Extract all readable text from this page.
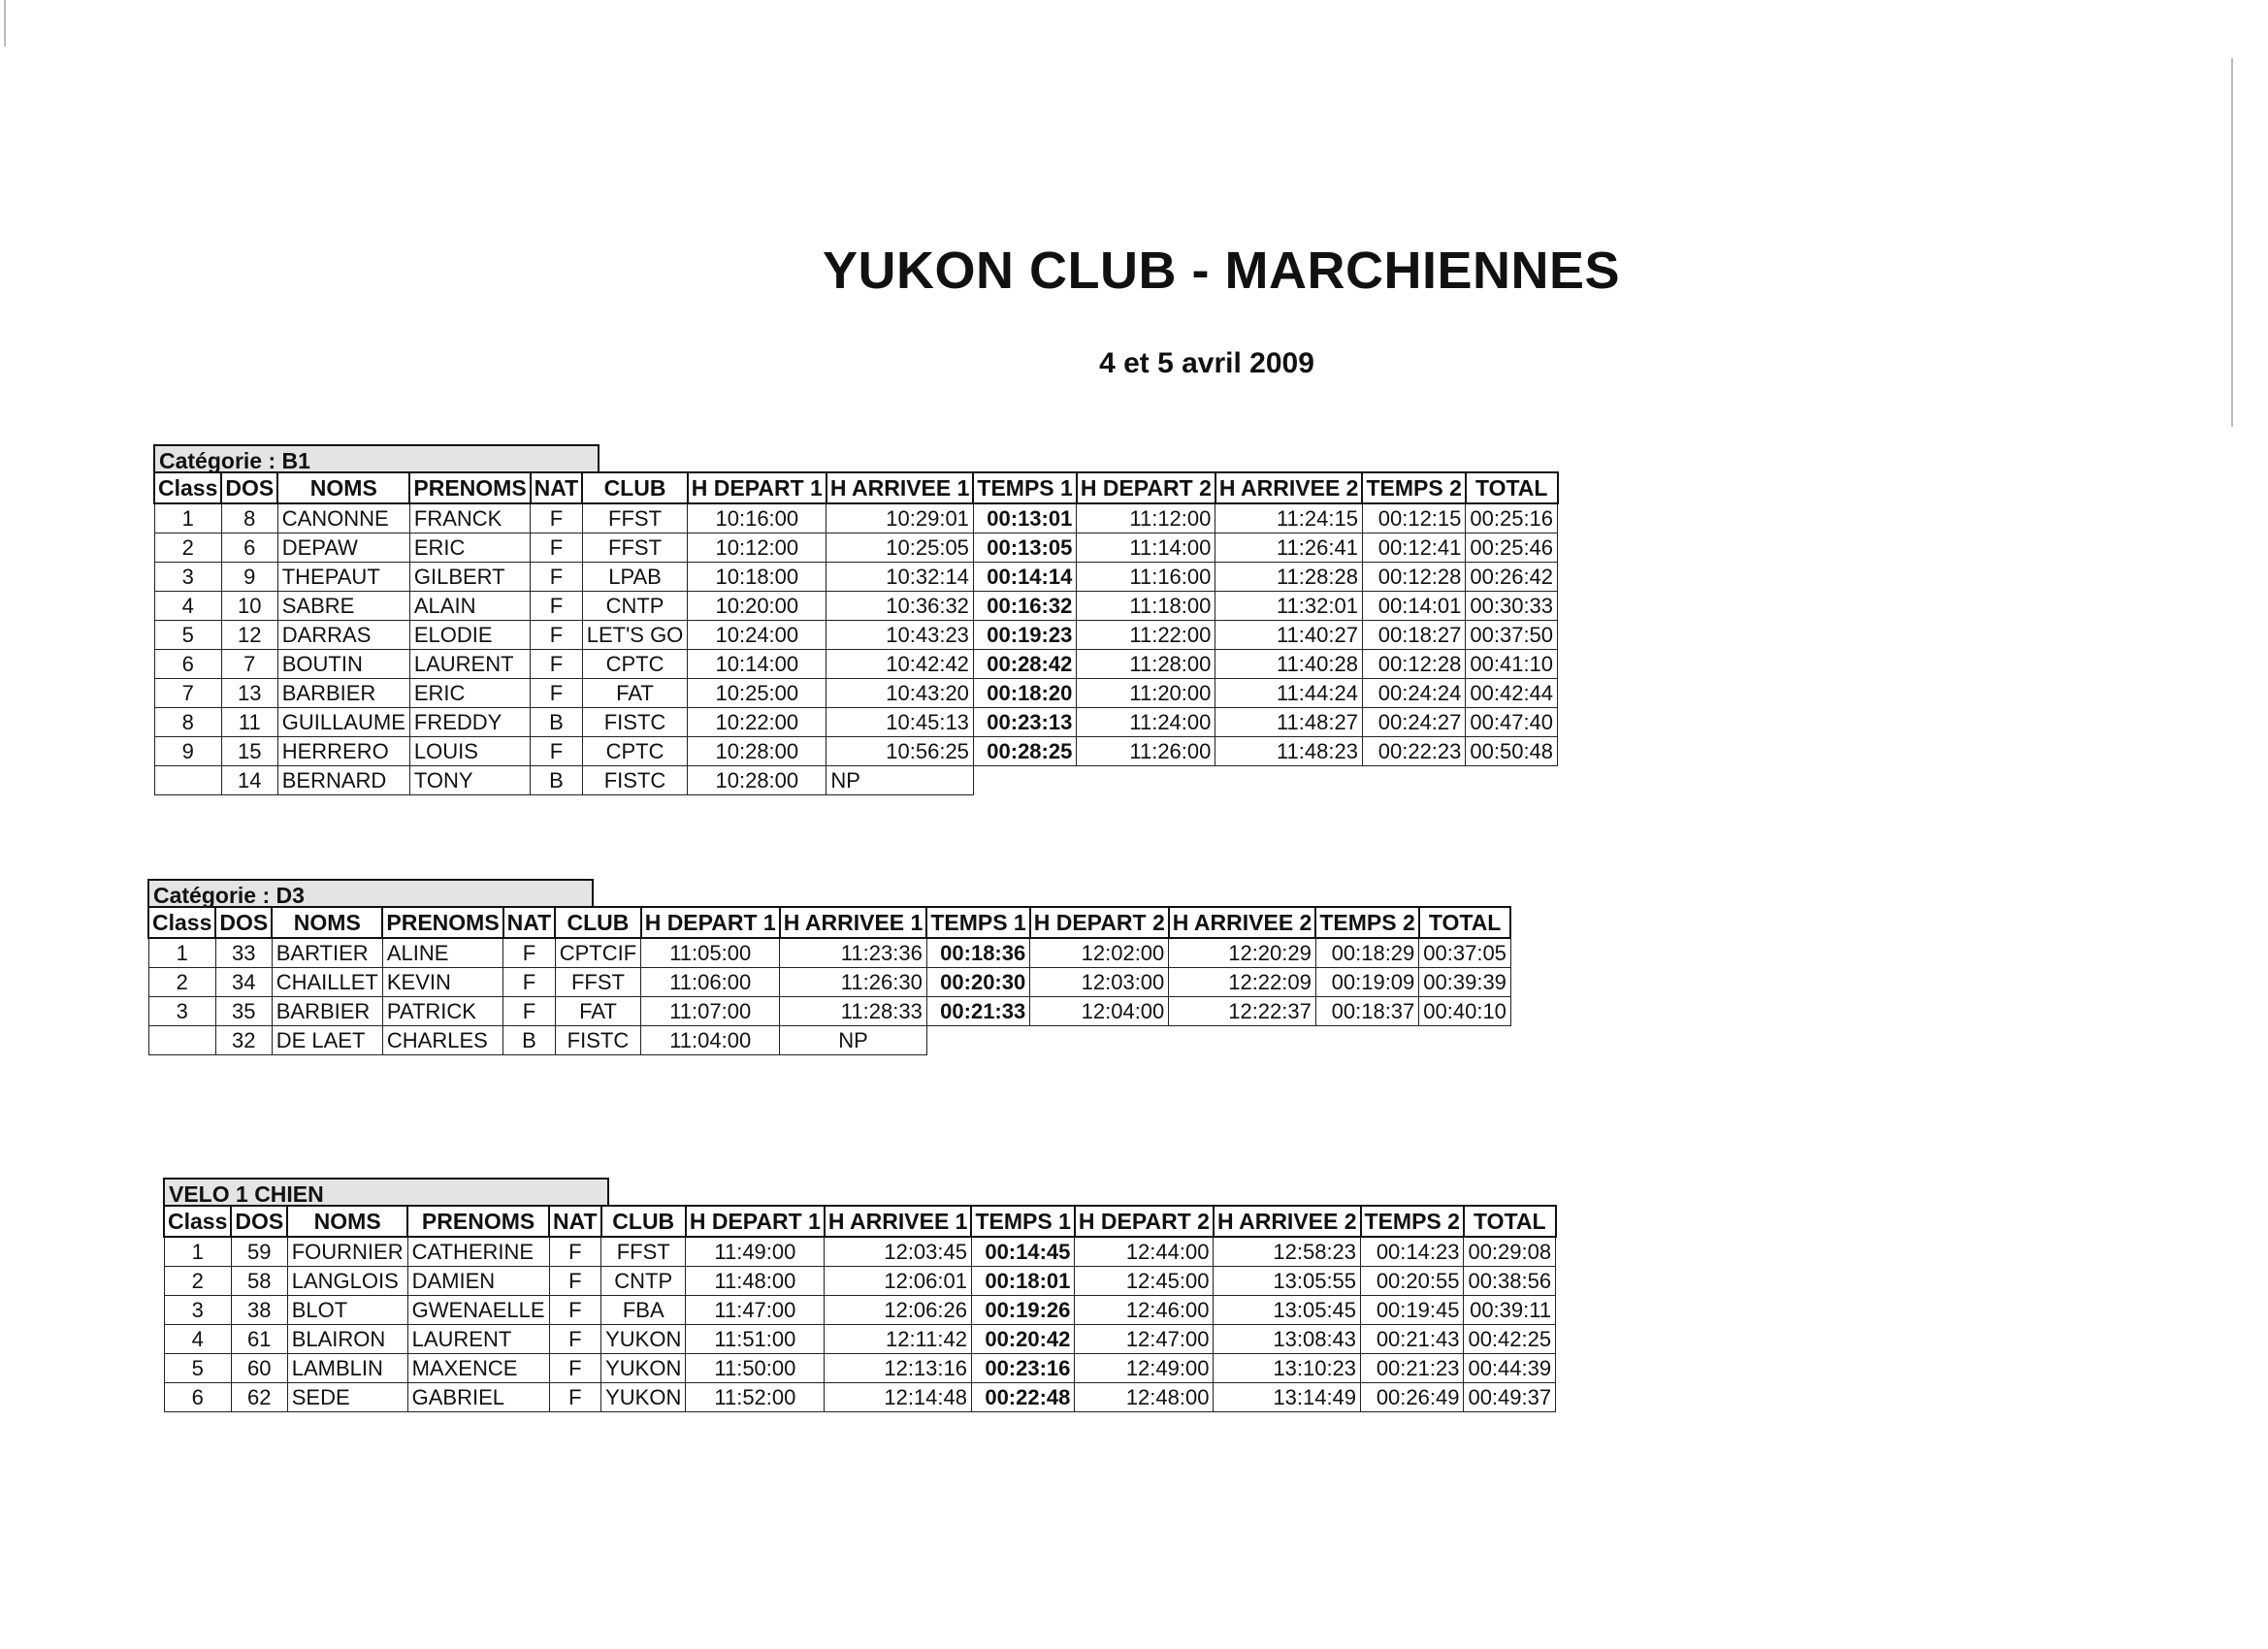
YUKON CLUB - MARCHIENNES
4 et 5 avril 2009
Catégorie : B1
Class	DOS	NOMS	PRENOMS	NAT	CLUB	H DEPART 1	H ARRIVEE 1	TEMPS 1	H DEPART 2	H ARRIVEE 2	TEMPS 2	TOTAL
1	8	CANONNE	FRANCK	F	FFST	10:16:00	10:29:01	00:13:01	11:12:00	11:24:15	00:12:15	00:25:16
2	6	DEPAW	ERIC	F	FFST	10:12:00	10:25:05	00:13:05	11:14:00	11:26:41	00:12:41	00:25:46
3	9	THEPAUT	GILBERT	F	LPAB	10:18:00	10:32:14	00:14:14	11:16:00	11:28:28	00:12:28	00:26:42
4	10	SABRE	ALAIN	F	CNTP	10:20:00	10:36:32	00:16:32	11:18:00	11:32:01	00:14:01	00:30:33
5	12	DARRAS	ELODIE	F	LET'S GO	10:24:00	10:43:23	00:19:23	11:22:00	11:40:27	00:18:27	00:37:50
6	7	BOUTIN	LAURENT	F	CPTC	10:14:00	10:42:42	00:28:42	11:28:00	11:40:28	00:12:28	00:41:10
7	13	BARBIER	ERIC	F	FAT	10:25:00	10:43:20	00:18:20	11:20:00	11:44:24	00:24:24	00:42:44
8	11	GUILLAUME	FREDDY	B	FISTC	10:22:00	10:45:13	00:23:13	11:24:00	11:48:27	00:24:27	00:47:40
9	15	HERRERO	LOUIS	F	CPTC	10:28:00	10:56:25	00:28:25	11:26:00	11:48:23	00:22:23	00:50:48
	14	BERNARD	TONY	B	FISTC	10:28:00	NP					
Catégorie : D3
Class	DOS	NOMS	PRENOMS	NAT	CLUB	H DEPART 1	H ARRIVEE 1	TEMPS 1	H DEPART 2	H ARRIVEE 2	TEMPS 2	TOTAL
1	33	BARTIER	ALINE	F	CPTCIF	11:05:00	11:23:36	00:18:36	12:02:00	12:20:29	00:18:29	00:37:05
2	34	CHAILLET	KEVIN	F	FFST	11:06:00	11:26:30	00:20:30	12:03:00	12:22:09	00:19:09	00:39:39
3	35	BARBIER	PATRICK	F	FAT	11:07:00	11:28:33	00:21:33	12:04:00	12:22:37	00:18:37	00:40:10
	32	DE LAET	CHARLES	B	FISTC	11:04:00	NP					
VELO 1 CHIEN
Class	DOS	NOMS	PRENOMS	NAT	CLUB	H DEPART 1	H ARRIVEE 1	TEMPS 1	H DEPART 2	H ARRIVEE 2	TEMPS 2	TOTAL
1	59	FOURNIER	CATHERINE	F	FFST	11:49:00	12:03:45	00:14:45	12:44:00	12:58:23	00:14:23	00:29:08
2	58	LANGLOIS	DAMIEN	F	CNTP	11:48:00	12:06:01	00:18:01	12:45:00	13:05:55	00:20:55	00:38:56
3	38	BLOT	GWENAELLE	F	FBA	11:47:00	12:06:26	00:19:26	12:46:00	13:05:45	00:19:45	00:39:11
4	61	BLAIRON	LAURENT	F	YUKON	11:51:00	12:11:42	00:20:42	12:47:00	13:08:43	00:21:43	00:42:25
5	60	LAMBLIN	MAXENCE	F	YUKON	11:50:00	12:13:16	00:23:16	12:49:00	13:10:23	00:21:23	00:44:39
6	62	SEDE	GABRIEL	F	YUKON	11:52:00	12:14:48	00:22:48	12:48:00	13:14:49	00:26:49	00:49:37
